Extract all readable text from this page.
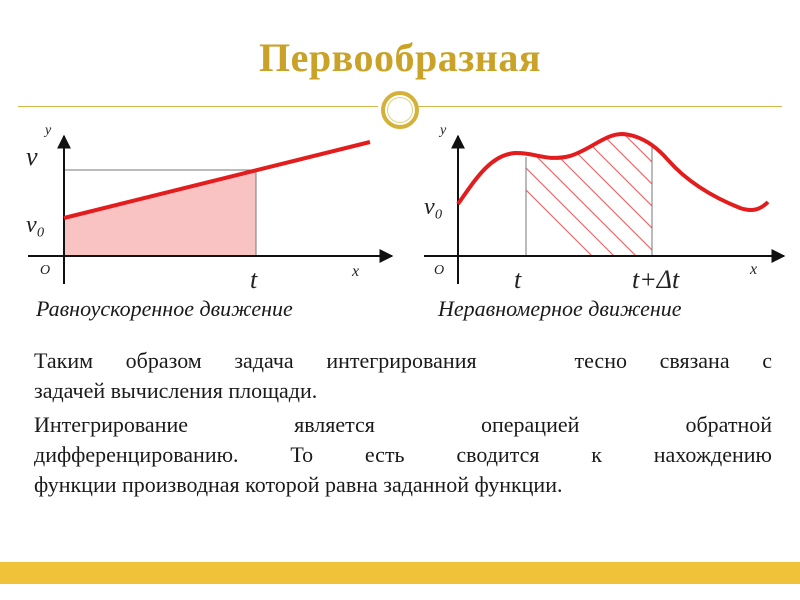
Первообразная
y
x
O
v
v₀
t
y
x
O
v₀
t	t+Δt
Равноускоренное движение	Неравномерное движение
Таким образом задача интегрирования   тесно связана с
задачей вычисления площади.
Интегрирование является операцией обратной
дифференцированию. То есть сводится к нахождению
функции производная которой равна заданной функции.
